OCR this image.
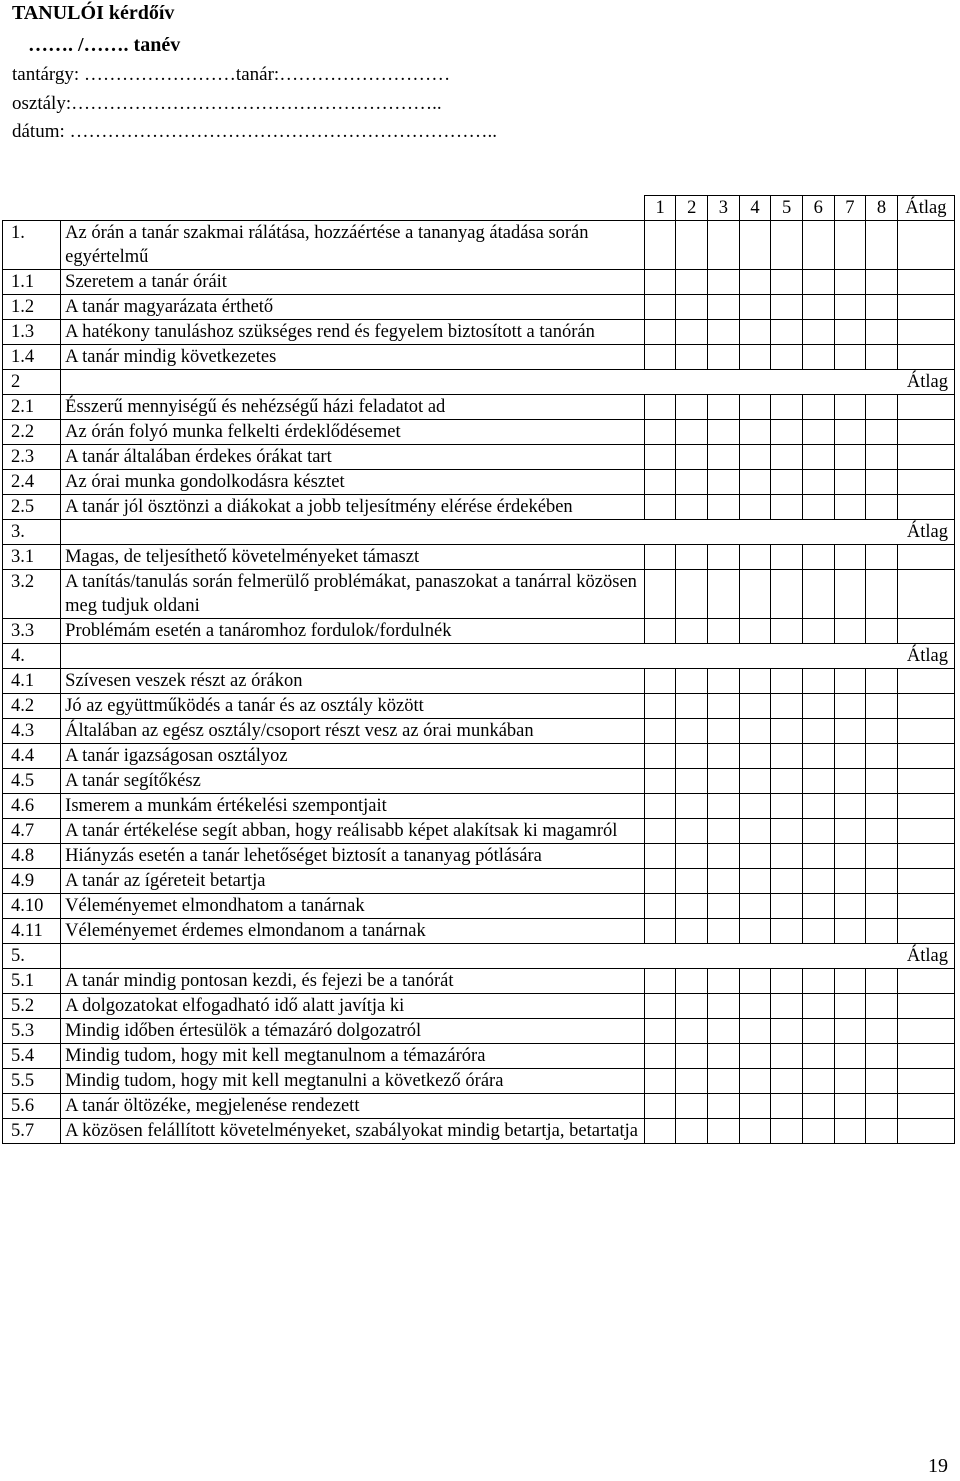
TANULÓI kérdőív
……. /……. tanév
tantárgy: ……………………tanár:………………………
osztály:…………………………………………………..
dátum: …………………………………………………………..
		1	2	3	4	5	6	7	8	Átlag
1.	Az órán a tanár szakmai rálátása, hozzáértése a tananyag átadása során egyértelmű									
1.1	Szeretem a tanár óráit									
1.2	A tanár magyarázata érthető									
1.3	A hatékony tanuláshoz szükséges rend és fegyelem biztosított a tanórán									
1.4	A tanár mindig következetes									
2										Átlag
2.1	Ésszerű mennyiségű és nehézségű házi feladatot ad									
2.2	Az órán folyó munka felkelti érdeklődésemet									
2.3	A tanár általában érdekes órákat tart									
2.4	Az órai munka gondolkodásra késztet									
2.5	A tanár jól ösztönzi a diákokat a jobb teljesítmény elérése érdekében									
3.										Átlag
3.1	Magas, de teljesíthető követelményeket támaszt									
3.2	A tanítás/tanulás során felmerülő problémákat, panaszokat a tanárral közösen meg tudjuk oldani									
3.3	Problémám esetén a tanáromhoz fordulok/fordulnék									
4.										Átlag
4.1	Szívesen veszek részt az órákon									
4.2	Jó az együttműködés a tanár és az osztály között									
4.3	Általában az egész osztály/csoport részt vesz az órai munkában									
4.4	A tanár igazságosan osztályoz									
4.5	A tanár segítőkész									
4.6	Ismerem a munkám értékelési szempontjait									
4.7	A tanár értékelése segít abban, hogy reálisabb képet alakítsak ki magamról									
4.8	Hiányzás esetén a tanár lehetőséget biztosít a tananyag pótlására									
4.9	A tanár az ígéreteit betartja									
4.10	Véleményemet elmondhatom a tanárnak									
4.11	Véleményemet érdemes elmondanom a tanárnak									
5.										Átlag
5.1	A tanár mindig pontosan kezdi, és fejezi be a tanórát									
5.2	A dolgozatokat elfogadható idő alatt javítja ki									
5.3	Mindig időben értesülök a témazáró dolgozatról									
5.4	Mindig tudom, hogy mit kell megtanulnom a témazáróra									
5.5	Mindig tudom, hogy mit kell megtanulni a következő órára									
5.6	A tanár öltözéke, megjelenése rendezett									
5.7	A közösen felállított követelményeket, szabályokat mindig betartja, betartatja									
19
